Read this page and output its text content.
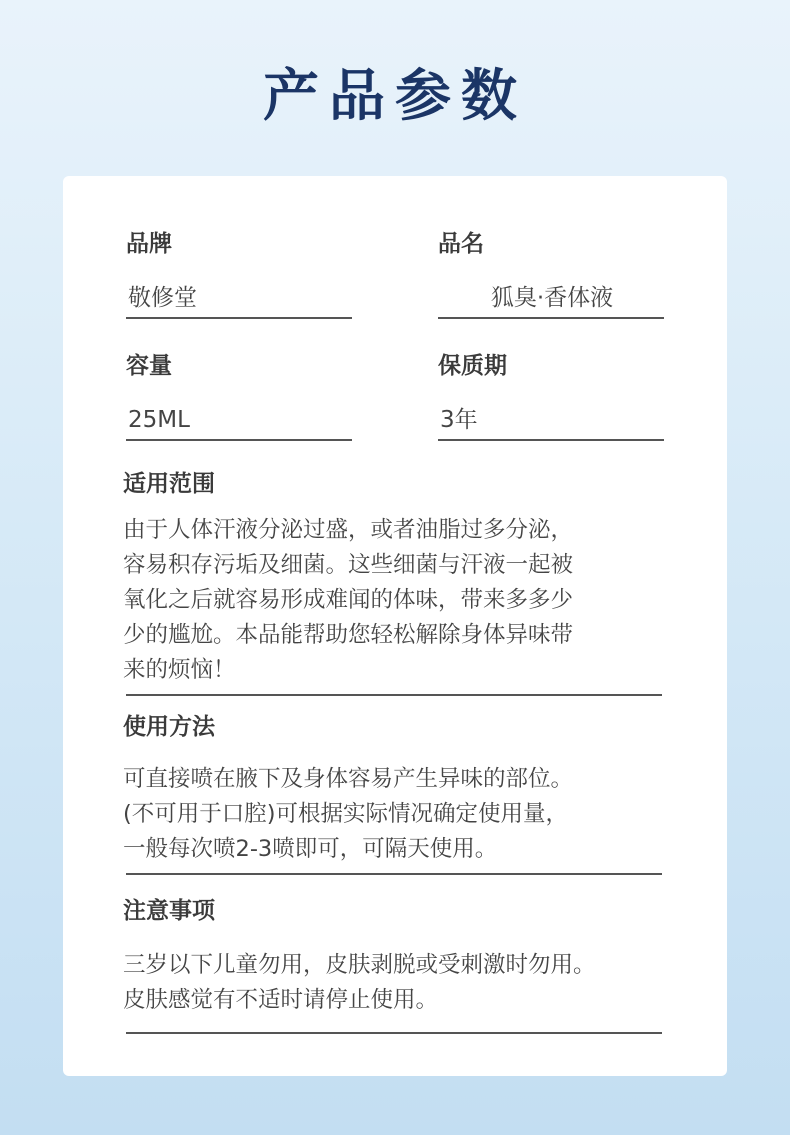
产品参数
品牌
敬修堂
品名
狐臭·香体液
容量
25ML
保质期
3年
适用范围
由于人体汗液分泌过盛，或者油脂过多分泌，
容易积存污垢及细菌。这些细菌与汗液一起被
氧化之后就容易形成难闻的体味，带来多多少
少的尴尬。本品能帮助您轻松解除身体异味带
来的烦恼！
使用方法
可直接喷在腋下及身体容易产生异味的部位。
(不可用于口腔)可根据实际情况确定使用量，
一般每次喷2-3喷即可，可隔天使用。
注意事项
三岁以下儿童勿用，皮肤剥脱或受刺激时勿用。
皮肤感觉有不适时请停止使用。
